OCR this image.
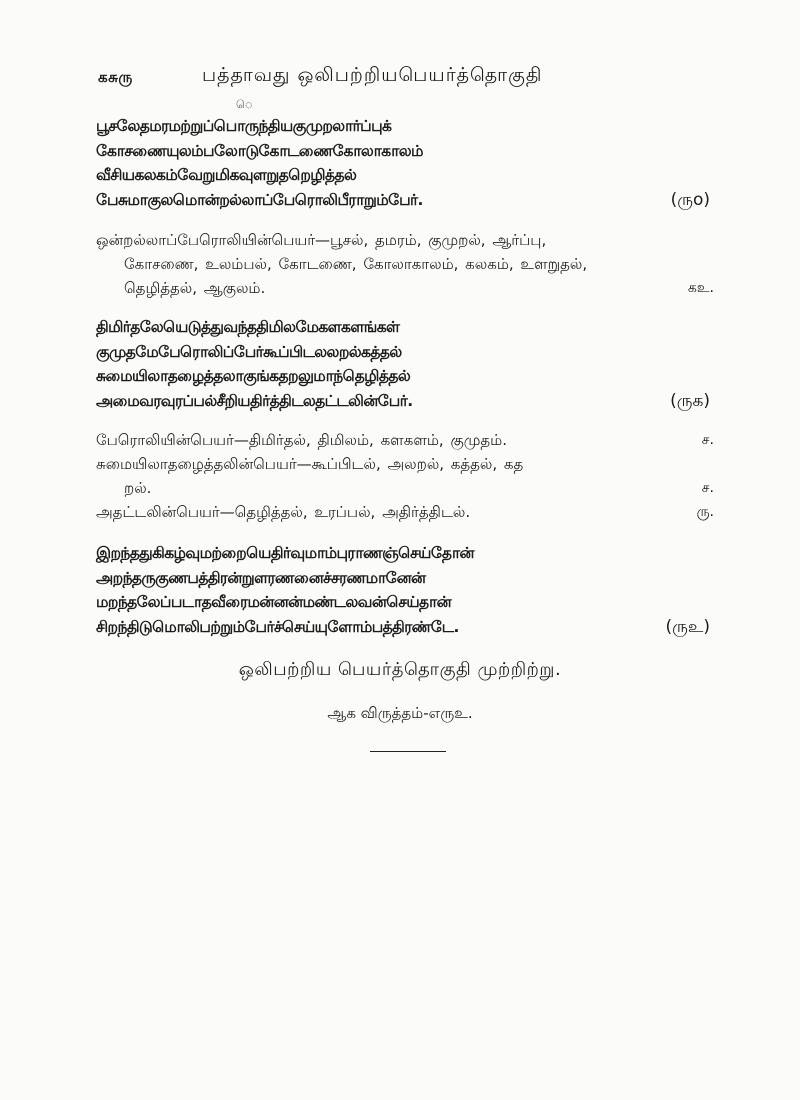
கசுரு	பத்தாவது ஒலிபற்றியபெயர்த்தொகுதி
ெ
பூசலேதமரமற்றுப்பொருந்தியகுமுறலார்ப்புக்
கோசணையுலம்பலோடுகோடணைகோலாகாலம்
வீசியகலகம்வேறுமிகவுளறுதறெழித்தல்
பேசுமாகுலமொன்றல்லாப்பேரொலிபீராறும்பேர்.	(ருo)
ஒன்றல்லாப்பேரொலியின்பெயர்—பூசல், தமரம், குமுறல், ஆர்ப்பு,
கோசணை, உலம்பல், கோடணை, கோலாகாலம், கலகம், உளறுதல்,
தெழித்தல், ஆகுலம்.	கஉ.
திமிர்தலேயெடுத்துவந்ததிமிலமேகளகளங்கள்
குமுதமேபேரொலிப்பேர்கூப்பிடலலறல்கத்தல்
சுமையிலாதழைத்தலாகுங்கதறலுமாந்தெழித்தல்
அமைவரவுரப்பல்சீறியதிர்த்திடலதட்டலின்பேர்.	(ருக)
பேரொலியின்பெயர்—திமிர்தல், திமிலம், களகளம், குமுதம்.	ச.
சுமையிலாதழைத்தலின்பெயர்—கூப்பிடல், அலறல், கத்தல், கத
றல்.	ச.
அதட்டலின்பெயர்—தெழித்தல், உரப்பல், அதிர்த்திடல்.	ரு.
இறந்ததுகிகழ்வுமற்றையெதிர்வுமாம்புராணஞ்செய்தோன்
அறந்தருகுணபத்திரன்றுளரணனைச்சரணமானேன்
மறந்தலேப்படாதவீரைமன்னன்மண்டலவன்செய்தான்
சிறந்திடுமொலிபற்றும்பேர்ச்செய்யுளோம்பத்திரண்டே.	(ருஉ)
ஒலிபற்றிய பெயர்த்தொகுதி முற்றிற்று.
ஆக விருத்தம்-எருஉ.
